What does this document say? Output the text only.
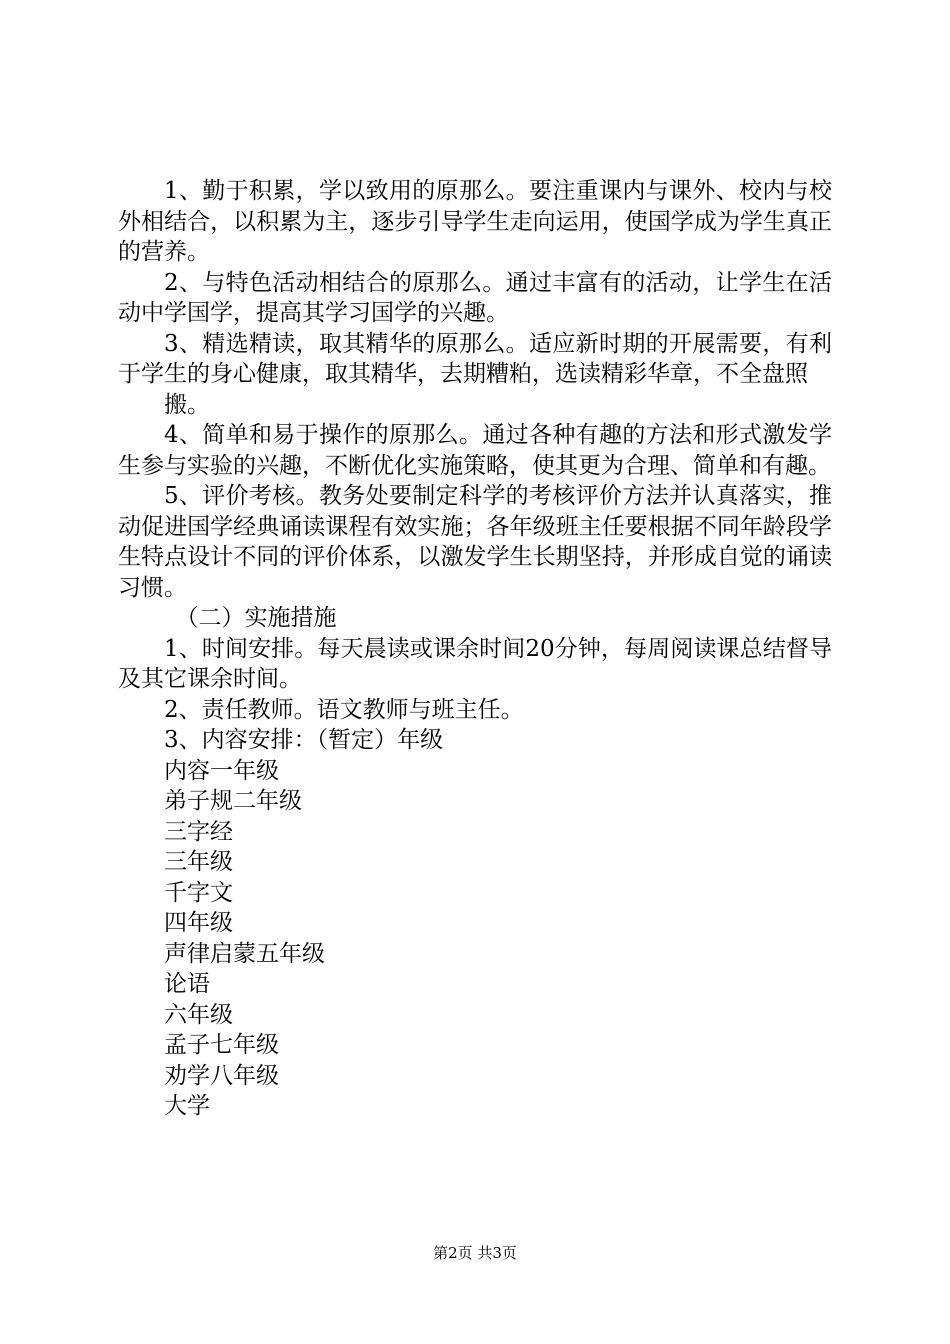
1、勤于积累，学以致用的原那么。要注重课内与课外、校内与校外相结合，以积累为主，逐步引导学生走向运用，使国学成为学生真正的营养。

2、与特色活动相结合的原那么。通过丰富有的活动，让学生在活动中学国学，提高其学习国学的兴趣。

3、精选精读，取其精华的原那么。适应新时期的开展需要，有利于学生的身心健康，取其精华，去期糟粕，选读精彩华章，不全盘照

搬。

4、简单和易于操作的原那么。通过各种有趣的方法和形式激发学生参与实验的兴趣，不断优化实施策略，使其更为合理、简单和有趣。

5、评价考核。教务处要制定科学的考核评价方法并认真落实，推动促进国学经典诵读课程有效实施；各年级班主任要根据不同年龄段学生特点设计不同的评价体系，以激发学生长期坚持，并形成自觉的诵读习惯。

（二）实施措施

1、时间安排。每天晨读或课余时间20分钟，每周阅读课总结督导及其它课余时间。

2、责任教师。语文教师与班主任。

3、内容安排：（暂定）年级

内容一年级

弟子规二年级

三字经

三年级

千字文

四年级

声律启蒙五年级

论语

六年级

孟子七年级

劝学八年级

大学

第2页 共3页
